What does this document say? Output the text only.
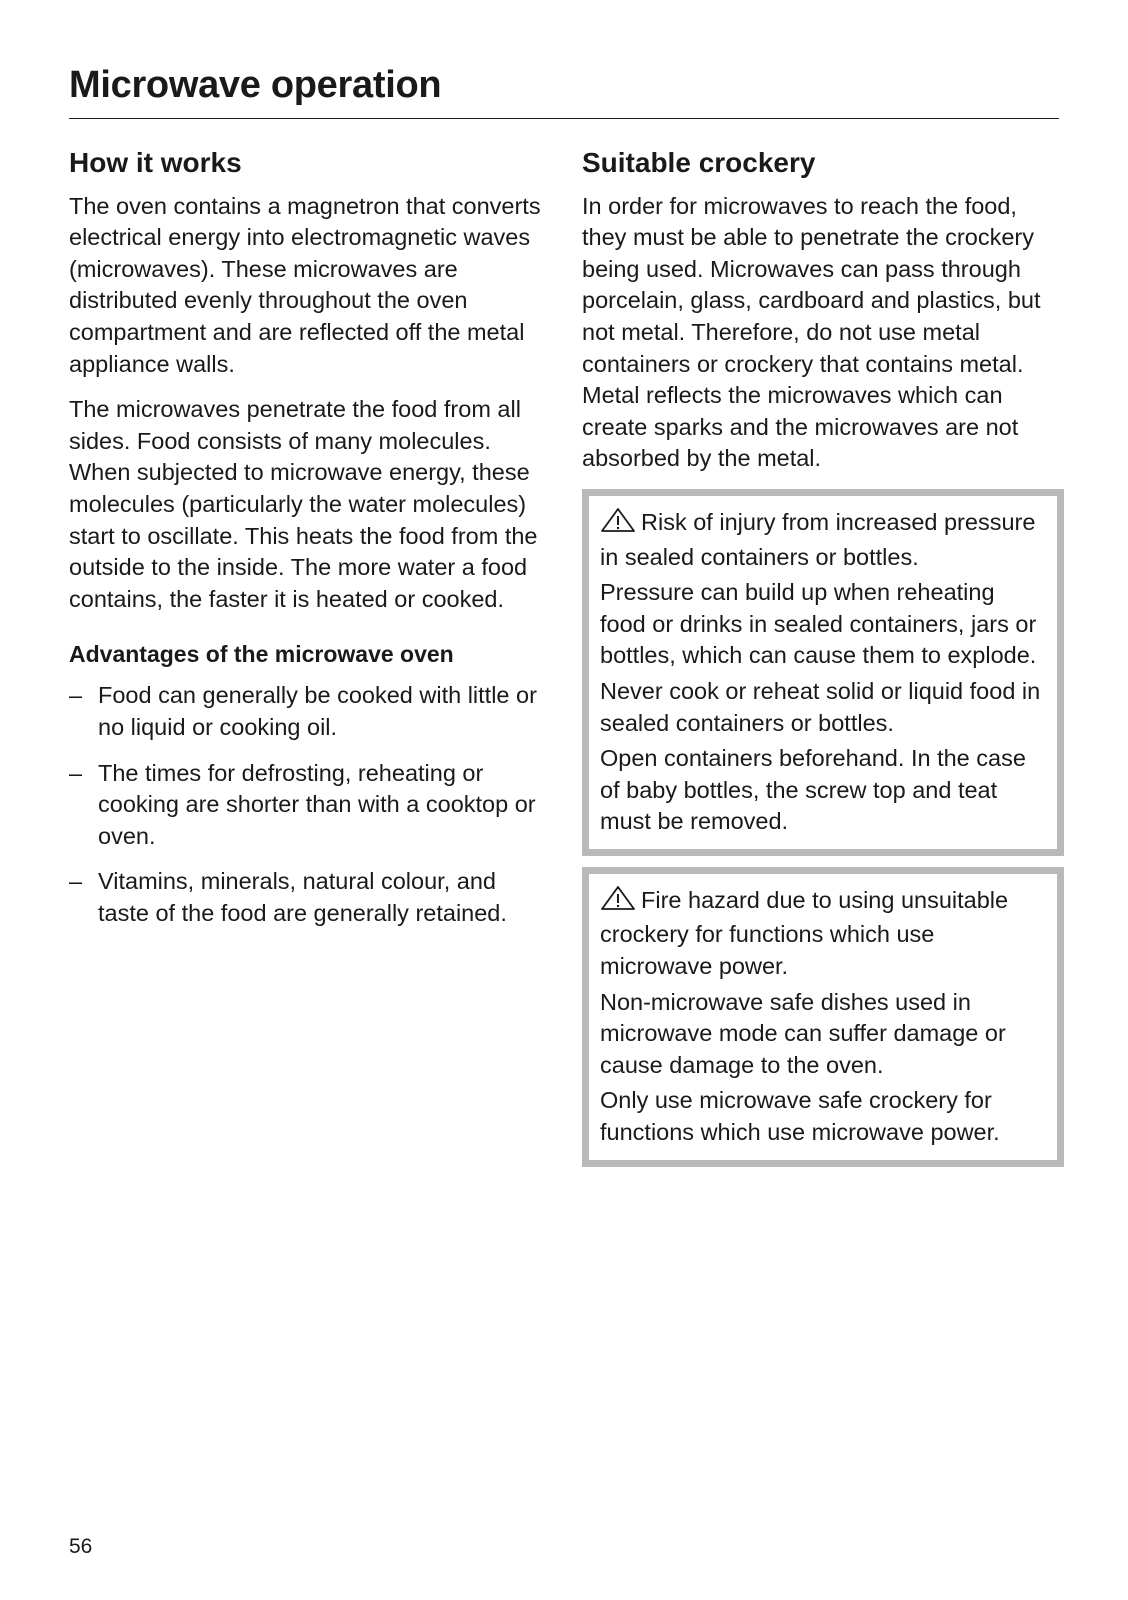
Microwave operation
How it works

The oven contains a magnetron that converts electrical energy into electromagnetic waves (microwaves). These microwaves are distributed evenly throughout the oven compartment and are reflected off the metal appliance walls.

The microwaves penetrate the food from all sides. Food consists of many molecules. When subjected to microwave energy, these molecules (particularly the water molecules) start to oscillate. This heats the food from the outside to the inside. The more water a food contains, the faster it is heated or cooked.

Advantages of the microwave oven
– Food can generally be cooked with little or no liquid or cooking oil.
– The times for defrosting, reheating or cooking are shorter than with a cooktop or oven.
– Vitamins, minerals, natural colour, and taste of the food are generally retained.
Suitable crockery

In order for microwaves to reach the food, they must be able to penetrate the crockery being used. Microwaves can pass through porcelain, glass, cardboard and plastics, but not metal. Therefore, do not use metal containers or crockery that contains metal. Metal reflects the microwaves which can create sparks and the microwaves are not absorbed by the metal.

Risk of injury from increased pressure in sealed containers or bottles.

Pressure can build up when reheating food or drinks in sealed containers, jars or bottles, which can cause them to explode.

Never cook or reheat solid or liquid food in sealed containers or bottles.

Open containers beforehand. In the case of baby bottles, the screw top and teat must be removed.

Fire hazard due to using unsuitable crockery for functions which use microwave power.

Non-microwave safe dishes used in microwave mode can suffer damage or cause damage to the oven.

Only use microwave safe crockery for functions which use microwave power.

56
